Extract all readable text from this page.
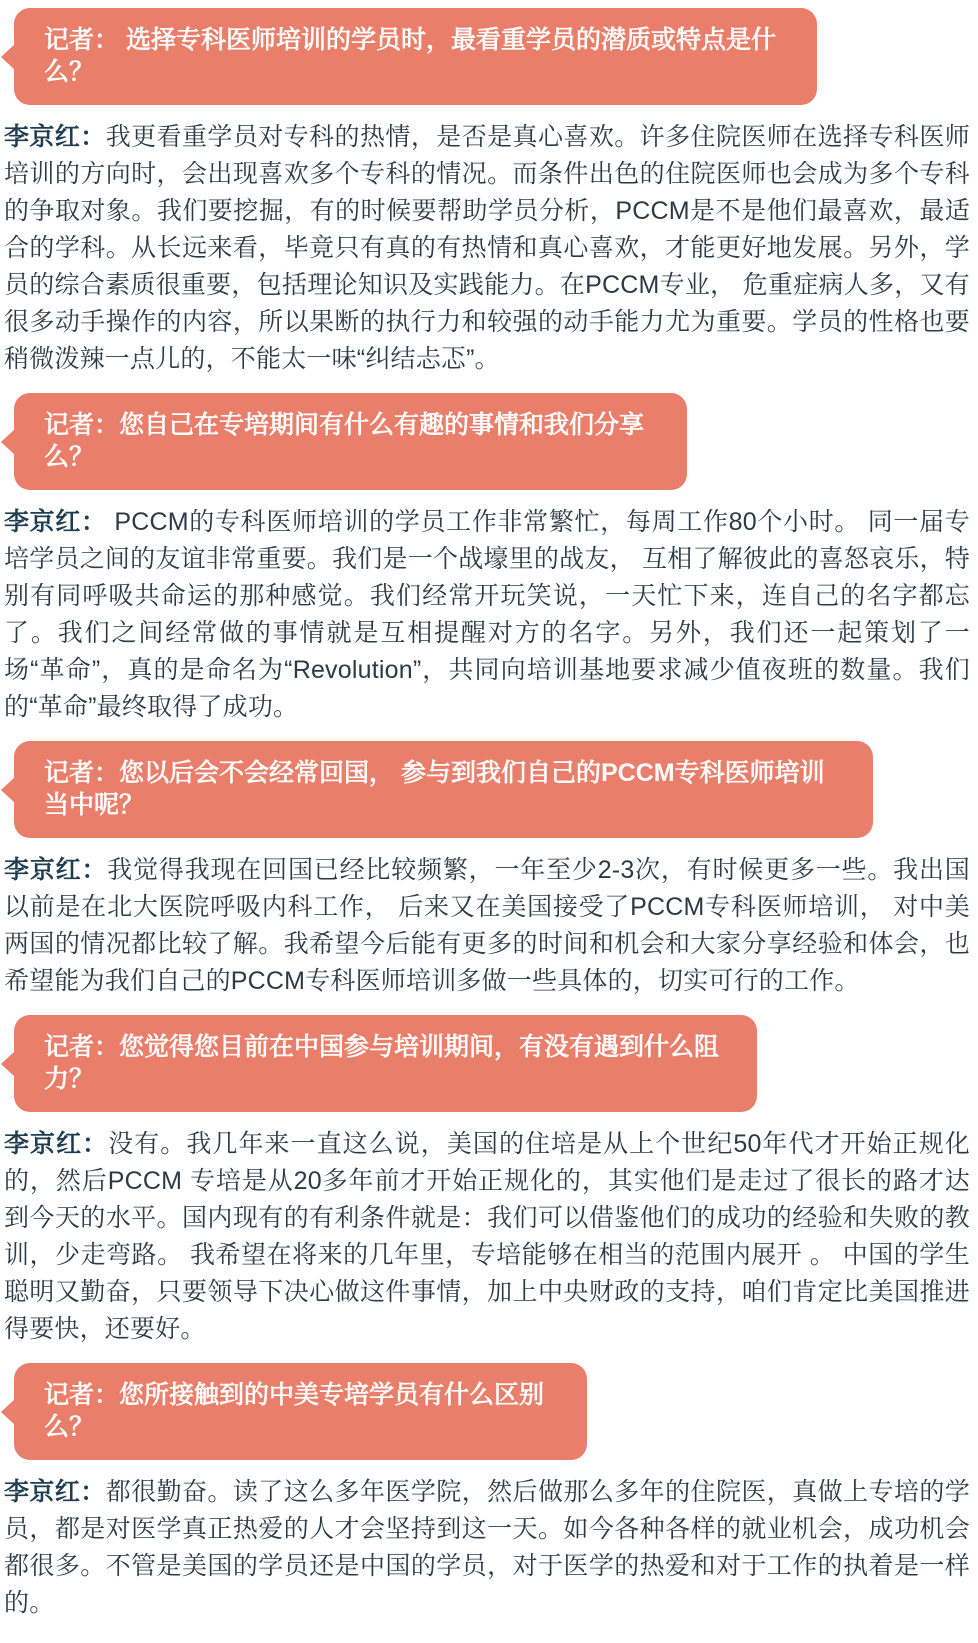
记者： 选择专科医师培训的学员时，最看重学员的潜质或特点是什么？

李京红：我更看重学员对专科的热情，是否是真心喜欢。许多住院医师在选择专科医师培训的方向时，会出现喜欢多个专科的情况。而条件出色的住院医师也会成为多个专科的争取对象。我们要挖掘，有的时候要帮助学员分析，PCCM是不是他们最喜欢，最适合的学科。从长远来看，毕竟只有真的有热情和真心喜欢，才能更好地发展。另外，学员的综合素质很重要，包括理论知识及实践能力。在PCCM专业， 危重症病人多，又有很多动手操作的内容，所以果断的执行力和较强的动手能力尤为重要。学员的性格也要稍微泼辣一点儿的，不能太一味“纠结忐忑”。

记者：您自己在专培期间有什么有趣的事情和我们分享么？

李京红： PCCM的专科医师培训的学员工作非常繁忙，每周工作80个小时。 同一届专培学员之间的友谊非常重要。我们是一个战壕里的战友， 互相了解彼此的喜怒哀乐，特别有同呼吸共命运的那种感觉。我们经常开玩笑说，一天忙下来，连自己的名字都忘了。我们之间经常做的事情就是互相提醒对方的名字。另外，我们还一起策划了一场“革命”，真的是命名为“Revolution”，共同向培训基地要求减少值夜班的数量。我们的“革命”最终取得了成功。

记者：您以后会不会经常回国， 参与到我们自己的PCCM专科医师培训当中呢？

李京红：我觉得我现在回国已经比较频繁，一年至少2-3次，有时候更多一些。我出国以前是在北大医院呼吸内科工作， 后来又在美国接受了PCCM专科医师培训， 对中美两国的情况都比较了解。我希望今后能有更多的时间和机会和大家分享经验和体会，也希望能为我们自己的PCCM专科医师培训多做一些具体的，切实可行的工作。

记者：您觉得您目前在中国参与培训期间，有没有遇到什么阻力？

李京红：没有。我几年来一直这么说，美国的住培是从上个世纪50年代才开始正规化的，然后PCCM 专培是从20多年前才开始正规化的，其实他们是走过了很长的路才达到今天的水平。国内现有的有利条件就是：我们可以借鉴他们的成功的经验和失败的教训，少走弯路。 我希望在将来的几年里，专培能够在相当的范围内展开 。 中国的学生聪明又勤奋，只要领导下决心做这件事情，加上中央财政的支持，咱们肯定比美国推进得要快，还要好。

记者：您所接触到的中美专培学员有什么区别么？

李京红：都很勤奋。读了这么多年医学院，然后做那么多年的住院医，真做上专培的学员，都是对医学真正热爱的人才会坚持到这一天。如今各种各样的就业机会，成功机会都很多。不管是美国的学员还是中国的学员，对于医学的热爱和对于工作的执着是一样的。
